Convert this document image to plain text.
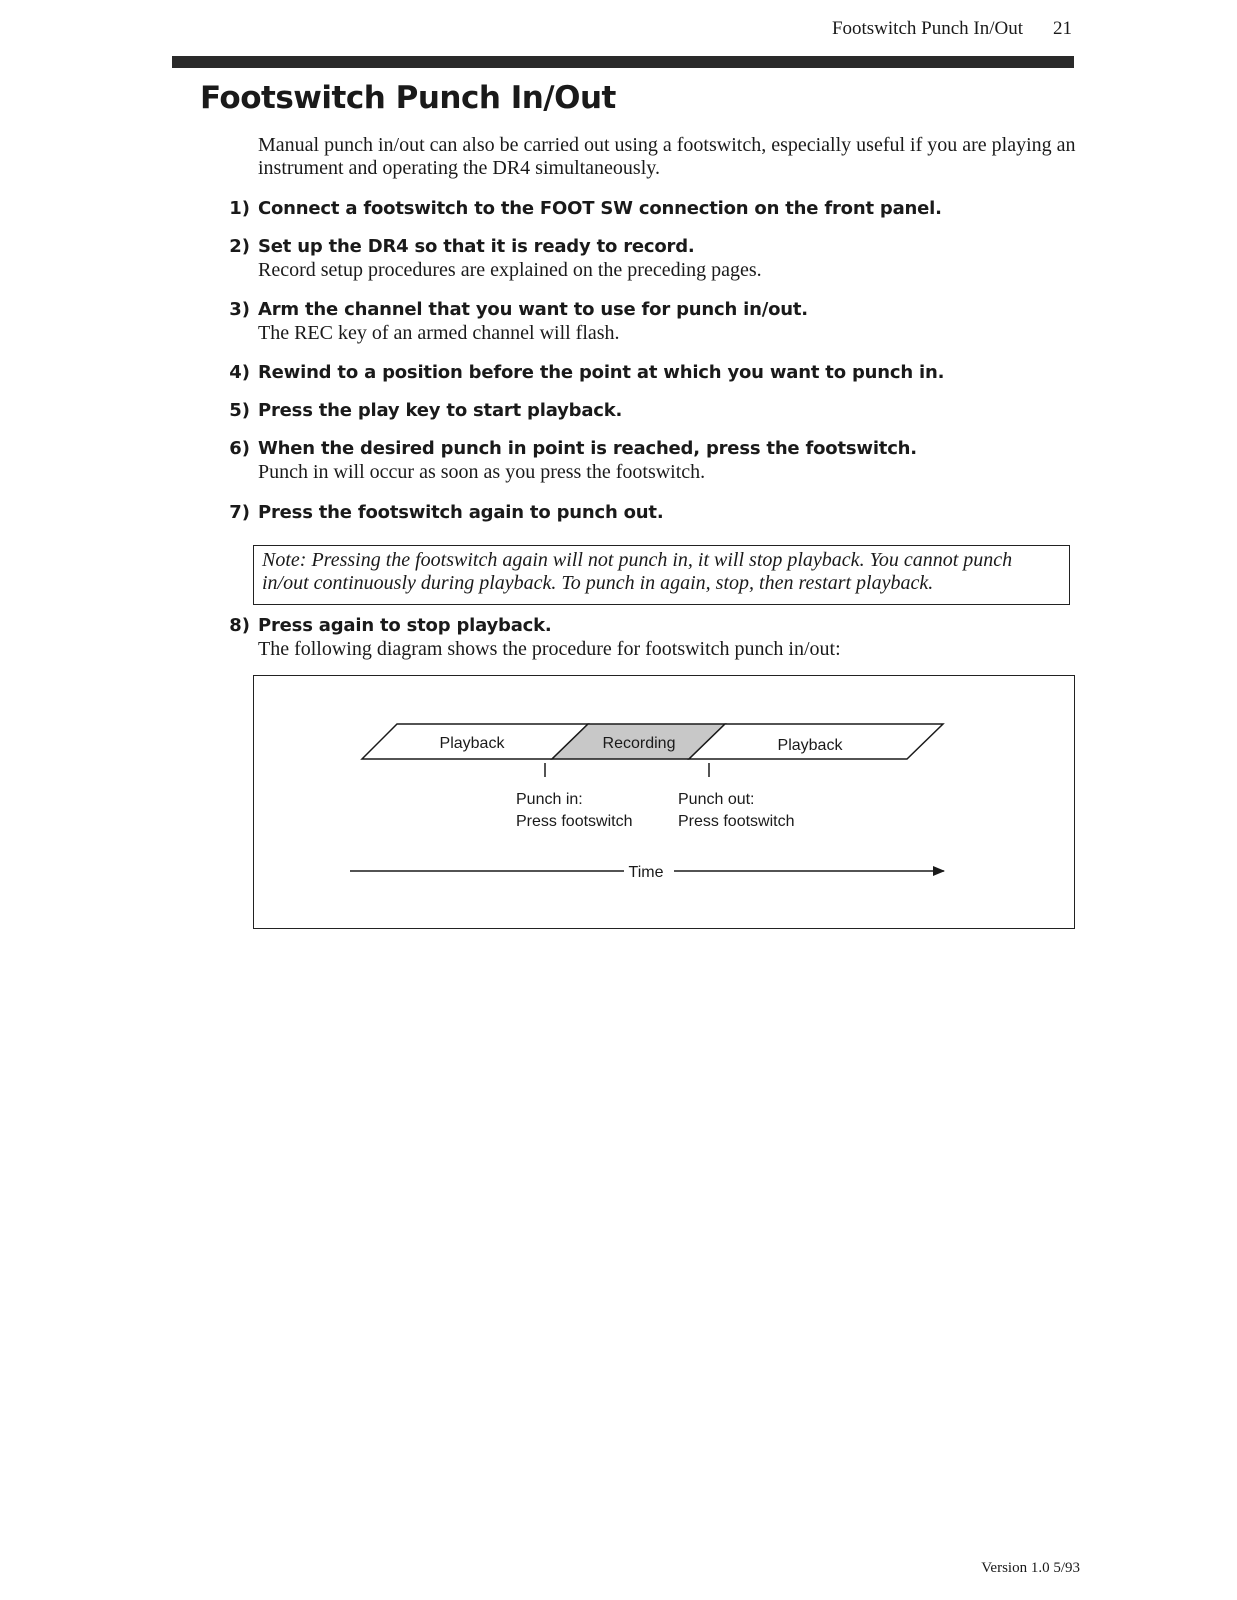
Footswitch Punch In/Out 21
Footswitch Punch In/Out

Manual punch in/out can also be carried out using a footswitch, especially useful if you are playing an instrument and operating the DR4 simultaneously.

1) Connect a footswitch to the FOOT SW connection on the front panel.
2) Set up the DR4 so that it is ready to record.
Record setup procedures are explained on the preceding pages.
3) Arm the channel that you want to use for punch in/out.
The REC key of an armed channel will flash.
4) Rewind to a position before the point at which you want to punch in.
5) Press the play key to start playback.
6) When the desired punch in point is reached, press the footswitch.
Punch in will occur as soon as you press the footswitch.
7) Press the footswitch again to punch out.
Note: Pressing the footswitch again will not punch in, it will stop playback. You cannot punch
in/out continuously during playback. To punch in again, stop, then restart playback.
8) Press again to stop playback.
The following diagram shows the procedure for footswitch punch in/out:
Playback	Recording	Playback
Punch in:
Press footswitch
Punch out:
Press footswitch
Time
Version 1.0 5/93
